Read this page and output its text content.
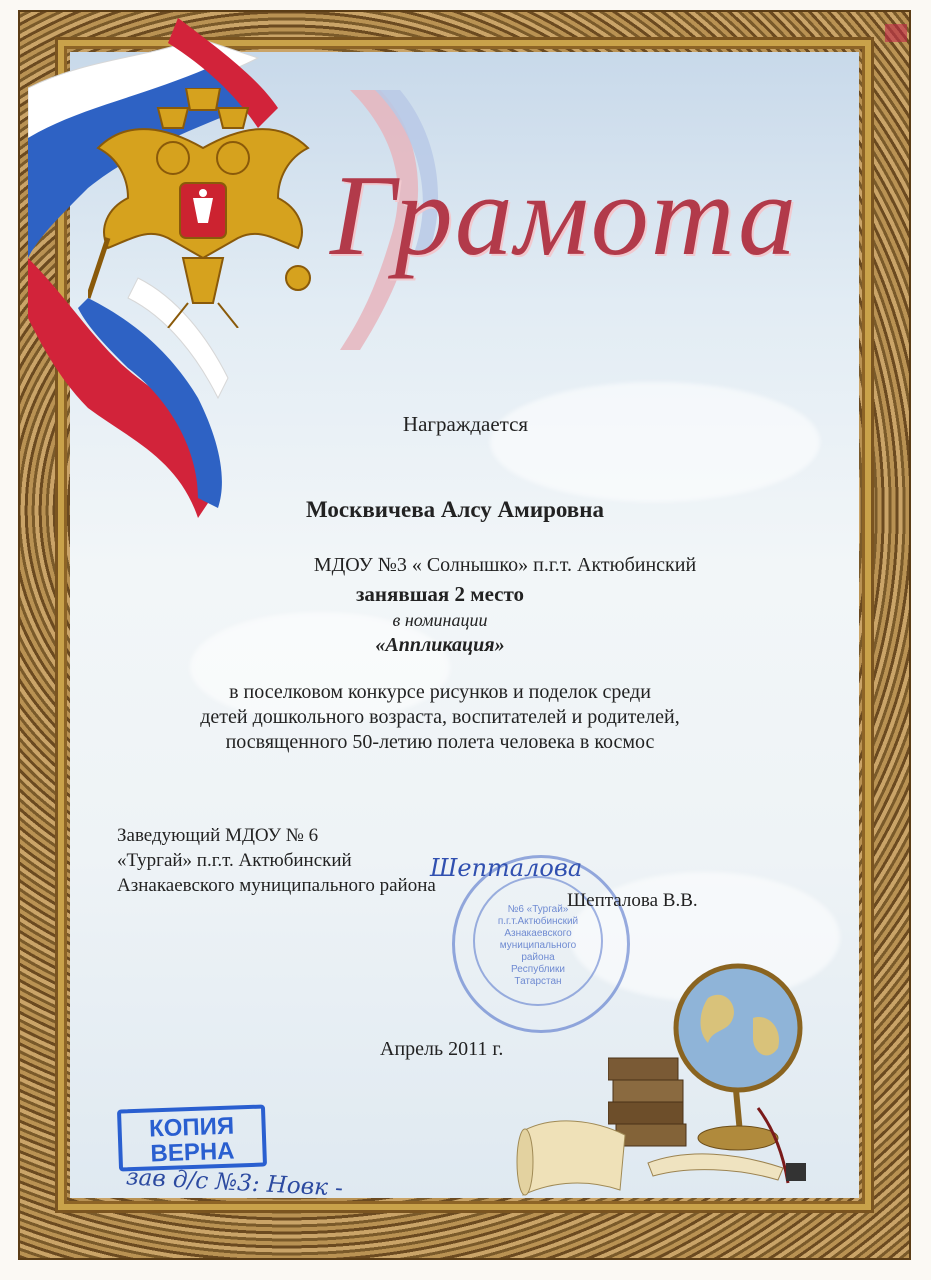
Грамота
Награждается
Москвичева Алсу Амировна
МДОУ №3 « Солнышко» п.г.т. Актюбинский
занявшая 2 место
в номинации
«Аппликация»
в поселковом конкурсе рисунков и поделок среди
детей дошкольного возраста, воспитателей и родителей,
посвященного 50-летию полета человека в космос
Заведующий МДОУ № 6
«Тургай» п.г.т. Актюбинский
Азнакаевского муниципального района
№6 «Тургай»
п.г.т.Актюбинский
Азнакаевского
муниципального
района
Республики
Татарстан
Шепталова
Шепталова В.В.
Апрель 2011 г.
КОПИЯ
ВЕРНА
зав д/с №3: Новк -
